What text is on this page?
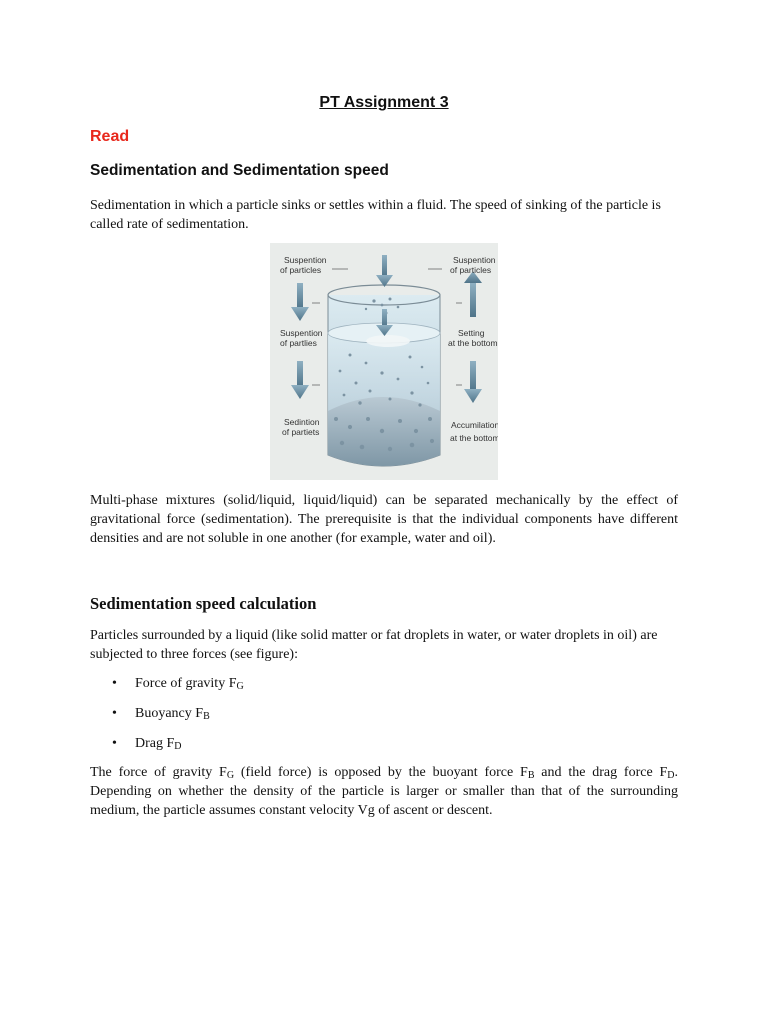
PT Assignment 3
Read
Sedimentation and Sedimentation speed

Sedimentation in which a particle sinks or settles within a fluid. The speed of sinking of the particle is called rate of sedimentation.

Suspention
of particles
Suspention
of particles
Suspention
of partlies
Setting
at the bottom
Sedintion
of partiets
Accumilation
at the bottom

Multi-phase mixtures (solid/liquid, liquid/liquid) can be separated mechanically by the effect of gravitational force (sedimentation). The prerequisite is that the individual components have different densities and are not soluble in one another (for example, water and oil).

Sedimentation speed calculation

Particles surrounded by a liquid (like solid matter or fat droplets in water, or water droplets in oil) are subjected to three forces (see figure):

• Force of gravity $F_G$
• Buoyancy $F_B$
• Drag $F_D$

The force of gravity $F_G$ (field force) is opposed by the buoyant force $F_B$ and the drag force $F_D$. Depending on whether the density of the particle is larger or smaller than that of the surrounding medium, the particle assumes constant velocity Vg of ascent or descent.
